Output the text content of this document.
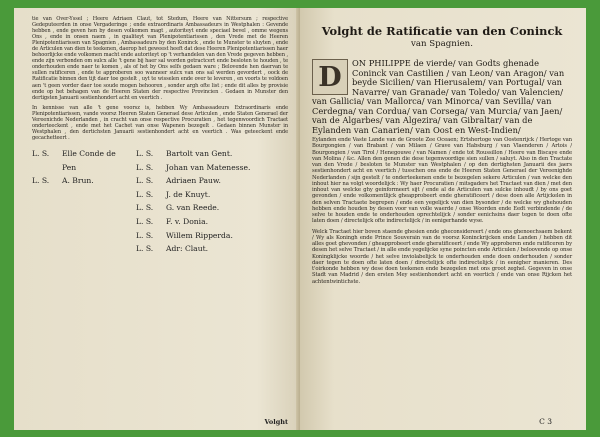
tie van Over-Yssel ; Heere Adriaen Claut, tot Stedum, Heere van Nittersum ; respective Gedeputeerden in onse Vergaderinge ; ende extraordinaris Ambassadeurs in Westphalen : Gevende hebben , ende geven hen by desen volkomen magt , autoriteyt ende speciael bevel , omme wegens Ons , ende in onsen naem , in qualiteyt van Plenipotentiarissen , den Vrede met de Heeren Plenipotentiarissen van Spagnien , Ambassadeurs by den Koninck , ende te Munster te sluyten , ende de Articulen van dien te teekenen, daerop het geweest heeft dat dese Heeren Plenipotentiarissen haer behoorlijcke ende volkomen macht ende autoriteyt op 't verhandelen van den Vrede gegeven hebben , ende zijn verbonden om sulcx alle 't gene bij haer sal worden getractcert ende besloten te houden , te onderhouden ende naer te komen , als of het by Ons selfs gedaen ware ; Belovende hen daervan te sullen ratificeren , ende te approberen soo wanneer sulcx van ons sal werden gevordert , oock de Ratificatie binnen den tijt daer toe gestelt , uyt te wisselen ende over te leveren , en voorts te voldoen aen 't geen vorder daer toe soude mogen behooren , sonder argh ofte list ; ende dit alles by provisie ende op het behagen van de Heeren Staten der respective Provincien . Gedaen in Munster den dertigsten Januarii sestienhondert acht en veertich .

In kennisse van alle 't gene voorsz is, hebben Wy Ambassadeurs Extraordinaris ende Plenipotentiarissen, vande voorsz Heeren Staten Generael dese Articulen , ende Staten Generael der Vereenichde Nederlanden , in cracht van onse respective Procuratien , het tegenwoordich Tractaet onderteeckent , ende met het Cachet van onse Wapenen bezegelt . Gedaen binnen Munster in Westphalen , den dertichsten Januarii sestienhondert acht en veertich . Was geteeckent ende gecachetteert .

L. S.	Elle Conde de Pen
L. S.	A. Brun.
L. S.	Bartolt van Gent.
L. S.	Johan van Matenesse.
L. S.	Adriaen Pauw.
L. S.	J. de Knuyt.
L. S.	G. van Reede.
L. S.	F. v. Donia.
L. S.	Willem Ripperda.
L. S.	Adr: Claut.
Volght
Volght de Ratificatie van den Coninck
van Spagnien.
D	ON PHILIPPE de vierde/ van Godts ghenade Coninck van Castilien / van Leon/ van Aragon/ van beyde Sicilien/ van Hierusalem/ van Portugal/ van Navarre/ van Granade/ van Toledo/ van Valencien/ van Gallicia/ van Mallorca/ van Minorca/ van Sevilla/ van Cerdegna/ van Cordua/ van Corsega/ van Murcia/ van Jaen/ van de Algarbes/ van Algezira/ van Gibraltar/ van de Eylanden van Canarien/ van Oost en West-Indien/

Eylanden ende Vaste Lande van de Groote Zee Oceaen; Ertshertoge van Oostenrijck / Hertoge van Bourgongien / van Brabant / van Milaen / Grave van Habsburg / van Vlaenderen / Artois / Bourgongien / van Tirol / Henegouwe / van Namen / ende tot Roussillon / Heere van Biscaye ende van Molina / &c. Allen den genen die dese tegenwoordige sien sullen / saluyt. Also in den Tractate van den Vrede / besloten te Munster van Westphalen / op den dertighsten Januarii des jaers sestienhondert acht en veertich / tusschen ons ende de Heeren Staten Generael der Vereenighde Nederlanden / sijn gestelt / te onderteekenen ende te bezegelen sekere Articulen / van welcke den inhout hier na volgt woordelijck : Wy haer Procuratien / mitsgaders het Tractaet van dien / met den inhout van welcke ghy geinformeert sijt / ende al de Articulen van sulcke inhoudt / by ons goet gevonden / ende volkomentlijck gheapprobeert ende gheratificeert / dese doen alle Artijckelen in den selven Tractaete begrepen / ende een yegelijck van dien bysonder / de welcke wy ghehouden hebben ende houden by desen voor van volle waerde / onse Woorden ende Eedt verbindende / de selve te houden ende te onderhouden oprechtelijck / sonder eenichsins daer tegen te doen ofte laten doen / directelijck ofte indirectelijck / in eenigerhande wyse.

Welck Tractaet hier boven staende ghesien ende gheconsidereert / ende ons ghenoechsaem bekent / Wy als Koningh ende Prince Souverain van de voorsz Koninckrijcken ende Landen / hebben dit alles goet ghevonden / gheapprobeert ende gheratificeert / ende Wy approberen ende ratificeren by desen het selve Tractaet / in alle ende yegelijcke syne poincten ende Articulen / beloovende op onse Koningklijcke woorde / het selve inviolabelijck te onderhouden ende doen onderhouden / sonder daer tegen te doen ofte laten doen / directelijck ofte indirectelijck / in eenigher manieren. Des t'oirkonde hebben wy dese doen teekenen ende bezegelen met ons groot zeghel. Gegeven in onse Stadt van Madrid / den ersten Mey sestienhondert acht en veertich / ende van onse Rijcken het achtentwintichste.

C 3
